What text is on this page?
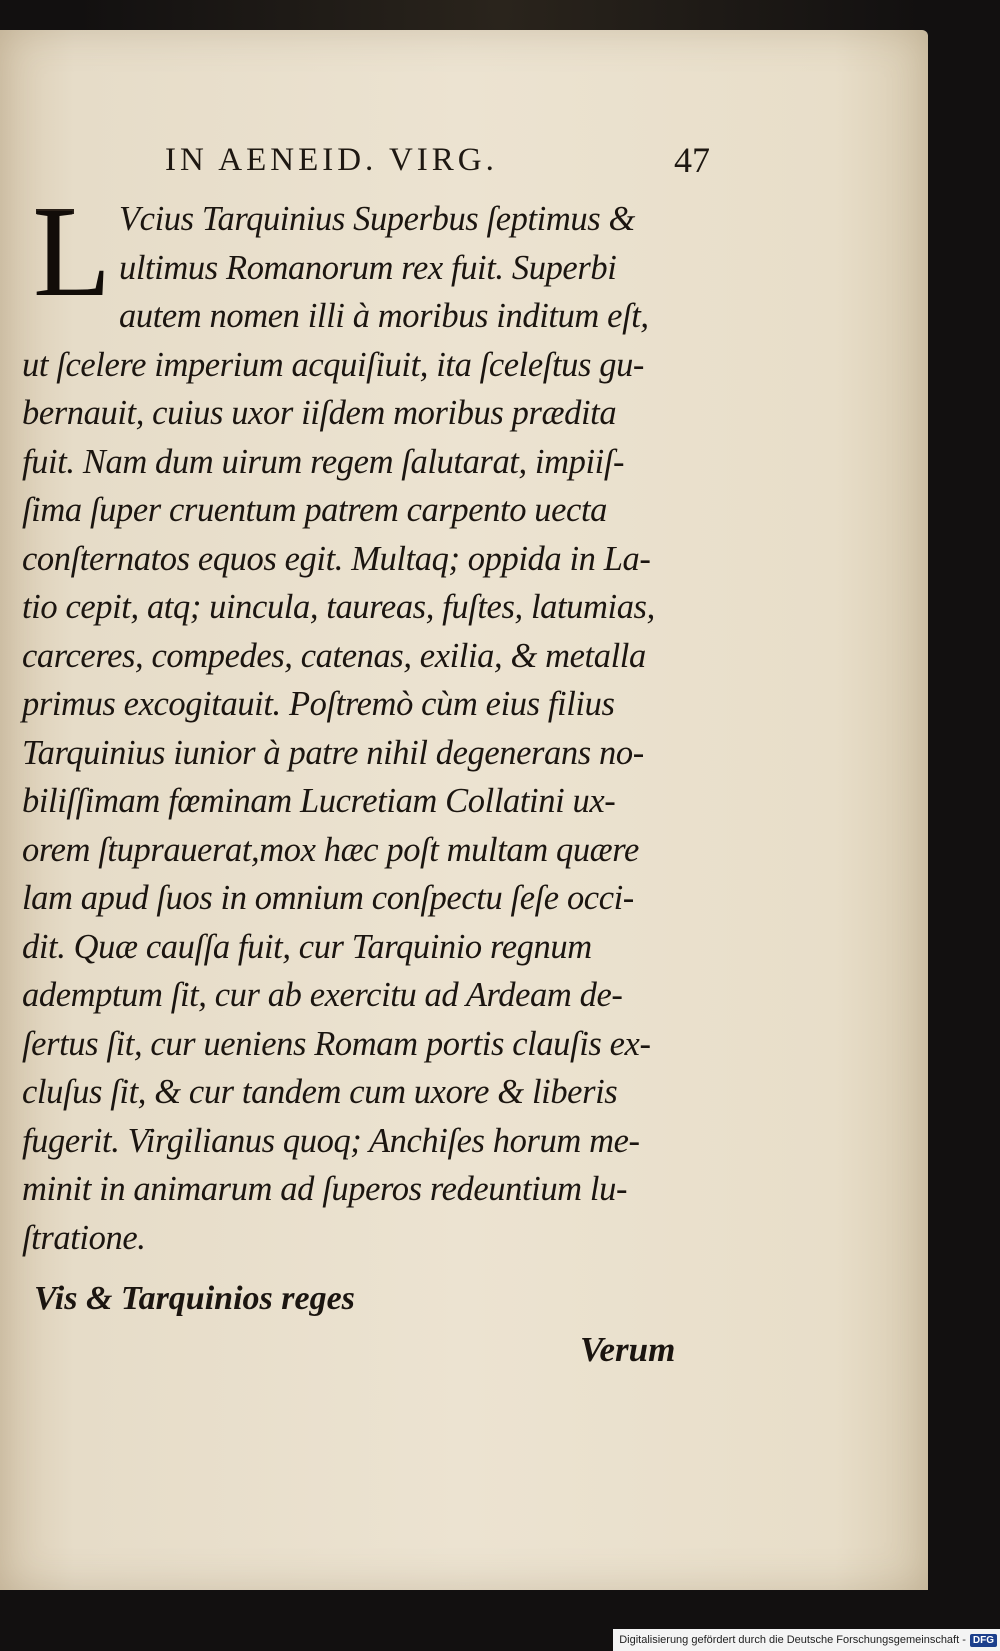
IN AENEID. VIRG.	47
L Vcius Tarquinius Superbus ſeptimus &
ultimus Romanorum rex fuit. Superbi
autem nomen illi à moribus inditum eſt,
ut ſcelere imperium acquiſiuit, ita ſceleſtus gu-
bernauit, cuius uxor iiſdem moribus prædita
fuit. Nam dum uirum regem ſalutarat, impiiſ-
ſima ſuper cruentum patrem carpento uecta
conſternatos equos egit. Multaq; oppida in La-
tio cepit, atq; uincula, taureas, fuſtes, latumias,
carceres, compedes, catenas, exilia, & metalla
primus excogitauit. Poſtremò cùm eius filius
Tarquinius iunior à patre nihil degenerans no-
biliſſimam fœminam Lucretiam Collatini ux-
orem ſtuprauerat,mox hæc poſt multam quære
lam apud ſuos in omnium conſpectu ſeſe occi-
dit. Quæ cauſſa fuit, cur Tarquinio regnum
ademptum ſit, cur ab exercitu ad Ardeam de-
ſertus ſit, cur ueniens Romam portis clauſis ex-
cluſus ſit, & cur tandem cum uxore & liberis
fugerit. Virgilianus quoq; Anchiſes horum me-
minit in animarum ad ſuperos redeuntium lu-
ſtratione.
Vis & Tarquinios reges
Verum
Digitalisierung gefördert durch die Deutsche Forschungsgemeinschaft - DFG
